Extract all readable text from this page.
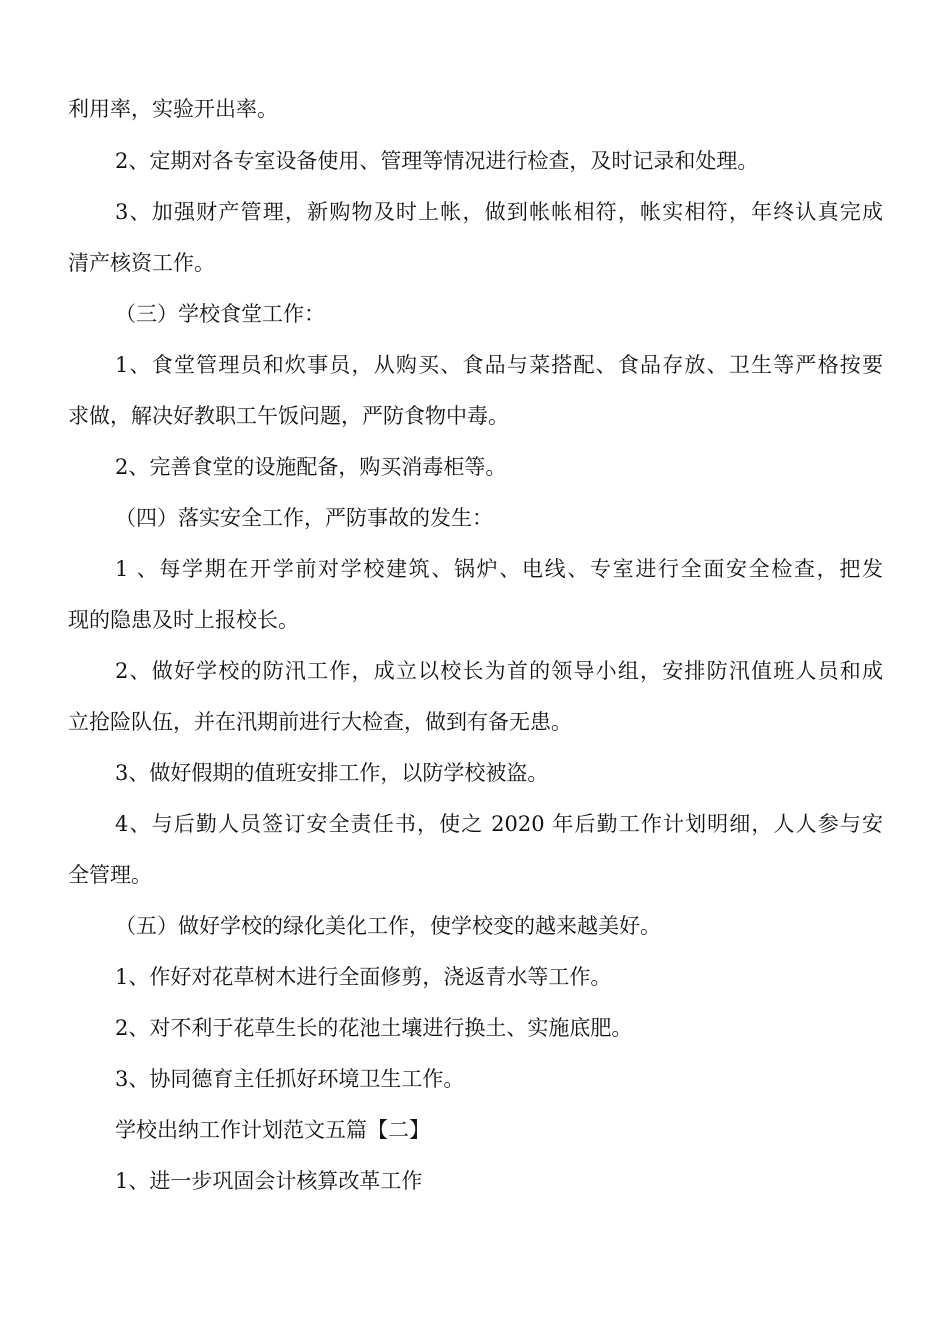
利用率，实验开出率。

2、定期对各专室设备使用、管理等情况进行检查，及时记录和处理。

3、加强财产管理，新购物及时上帐，做到帐帐相符，帐实相符，年终认真完成

清产核资工作。

（三）学校食堂工作：

1、食堂管理员和炊事员，从购买、食品与菜搭配、食品存放、卫生等严格按要

求做，解决好教职工午饭问题，严防食物中毒。

2、完善食堂的设施配备，购买消毒柜等。

（四）落实安全工作，严防事故的发生：

1 、每学期在开学前对学校建筑、锅炉、电线、专室进行全面安全检查，把发

现的隐患及时上报校长。

2、做好学校的防汛工作，成立以校长为首的领导小组，安排防汛值班人员和成

立抢险队伍，并在汛期前进行大检查，做到有备无患。

3、做好假期的值班安排工作，以防学校被盗。

4、与后勤人员签订安全责任书，使之 2020 年后勤工作计划明细，人人参与安

全管理。

（五）做好学校的绿化美化工作，使学校变的越来越美好。

1、作好对花草树木进行全面修剪，浇返青水等工作。

2、对不利于花草生长的花池土壤进行换土、实施底肥。

3、协同德育主任抓好环境卫生工作。

学校出纳工作计划范文五篇【二】

1、进一步巩固会计核算改革工作
